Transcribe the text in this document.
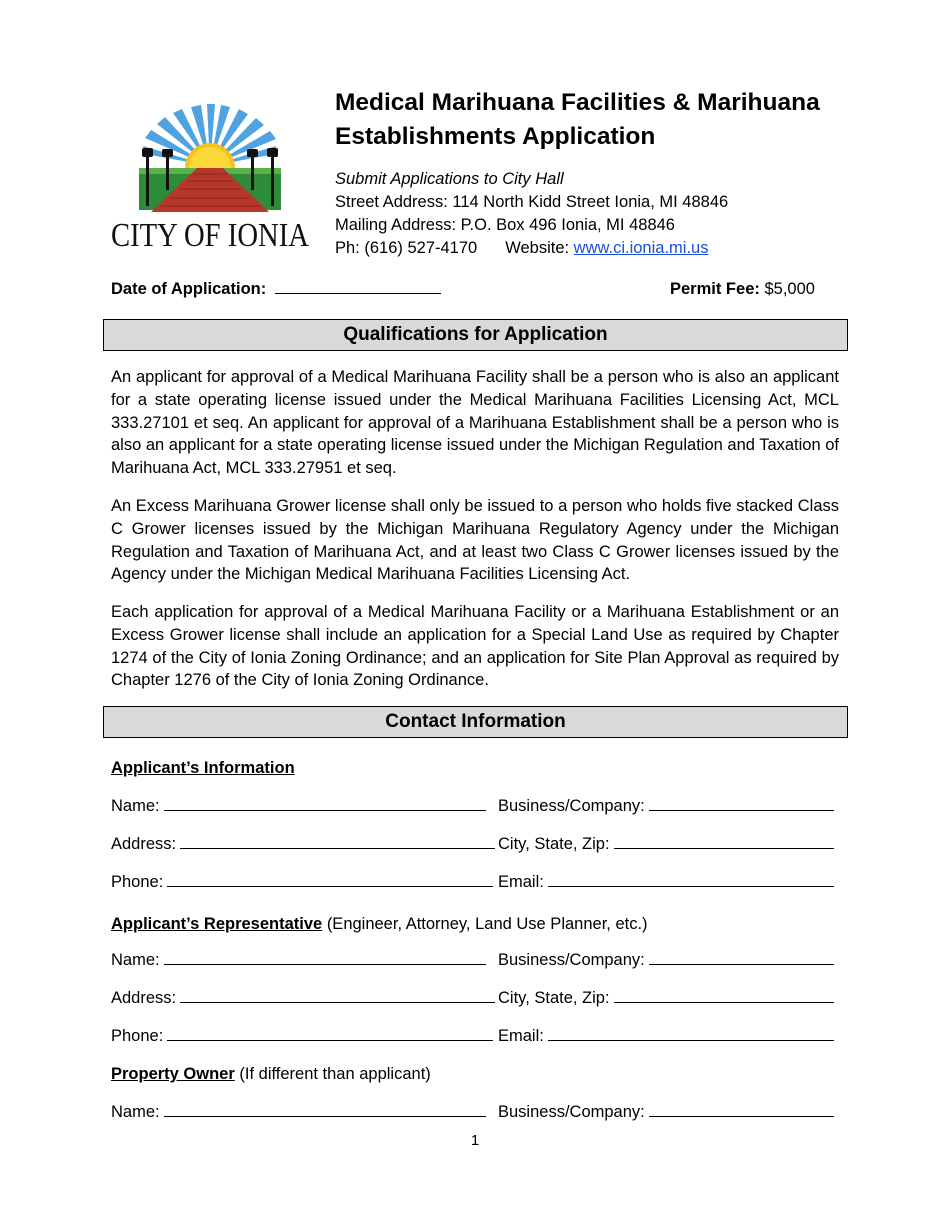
CITY OF IONIA
Medical Marihuana Facilities & Marihuana Establishments Application
Submit Applications to City Hall
Street Address: 114 North Kidd Street Ionia, MI 48846
Mailing Address: P.O. Box 496 Ionia, MI 48846
Ph: (616) 527-4170 Website: www.ci.ionia.mi.us
Date of Application:	Permit Fee: $5,000
Qualifications for Application
An applicant for approval of a Medical Marihuana Facility shall be a person who is also an applicant for a state operating license issued under the Medical Marihuana Facilities Licensing Act, MCL 333.27101 et seq. An applicant for approval of a Marihuana Establishment shall be a person who is also an applicant for a state operating license issued under the Michigan Regulation and Taxation of Marihuana Act, MCL 333.27951 et seq.
An Excess Marihuana Grower license shall only be issued to a person who holds five stacked Class C Grower licenses issued by the Michigan Marihuana Regulatory Agency under the Michigan Regulation and Taxation of Marihuana Act, and at least two Class C Grower licenses issued by the Agency under the Michigan Medical Marihuana Facilities Licensing Act.
Each application for approval of a Medical Marihuana Facility or a Marihuana Establishment or an Excess Grower license shall include an application for a Special Land Use as required by Chapter 1274 of the City of Ionia Zoning Ordinance; and an application for Site Plan Approval as required by Chapter 1276 of the City of Ionia Zoning Ordinance.
Contact Information
Applicant’s Information
Name:	Business/Company:
Address:	City, State, Zip:
Phone:	Email:
Applicant’s Representative (Engineer, Attorney, Land Use Planner, etc.)
Name:	Business/Company:
Address:	City, State, Zip:
Phone:	Email:
Property Owner (If different than applicant)
Name:	Business/Company:
1
